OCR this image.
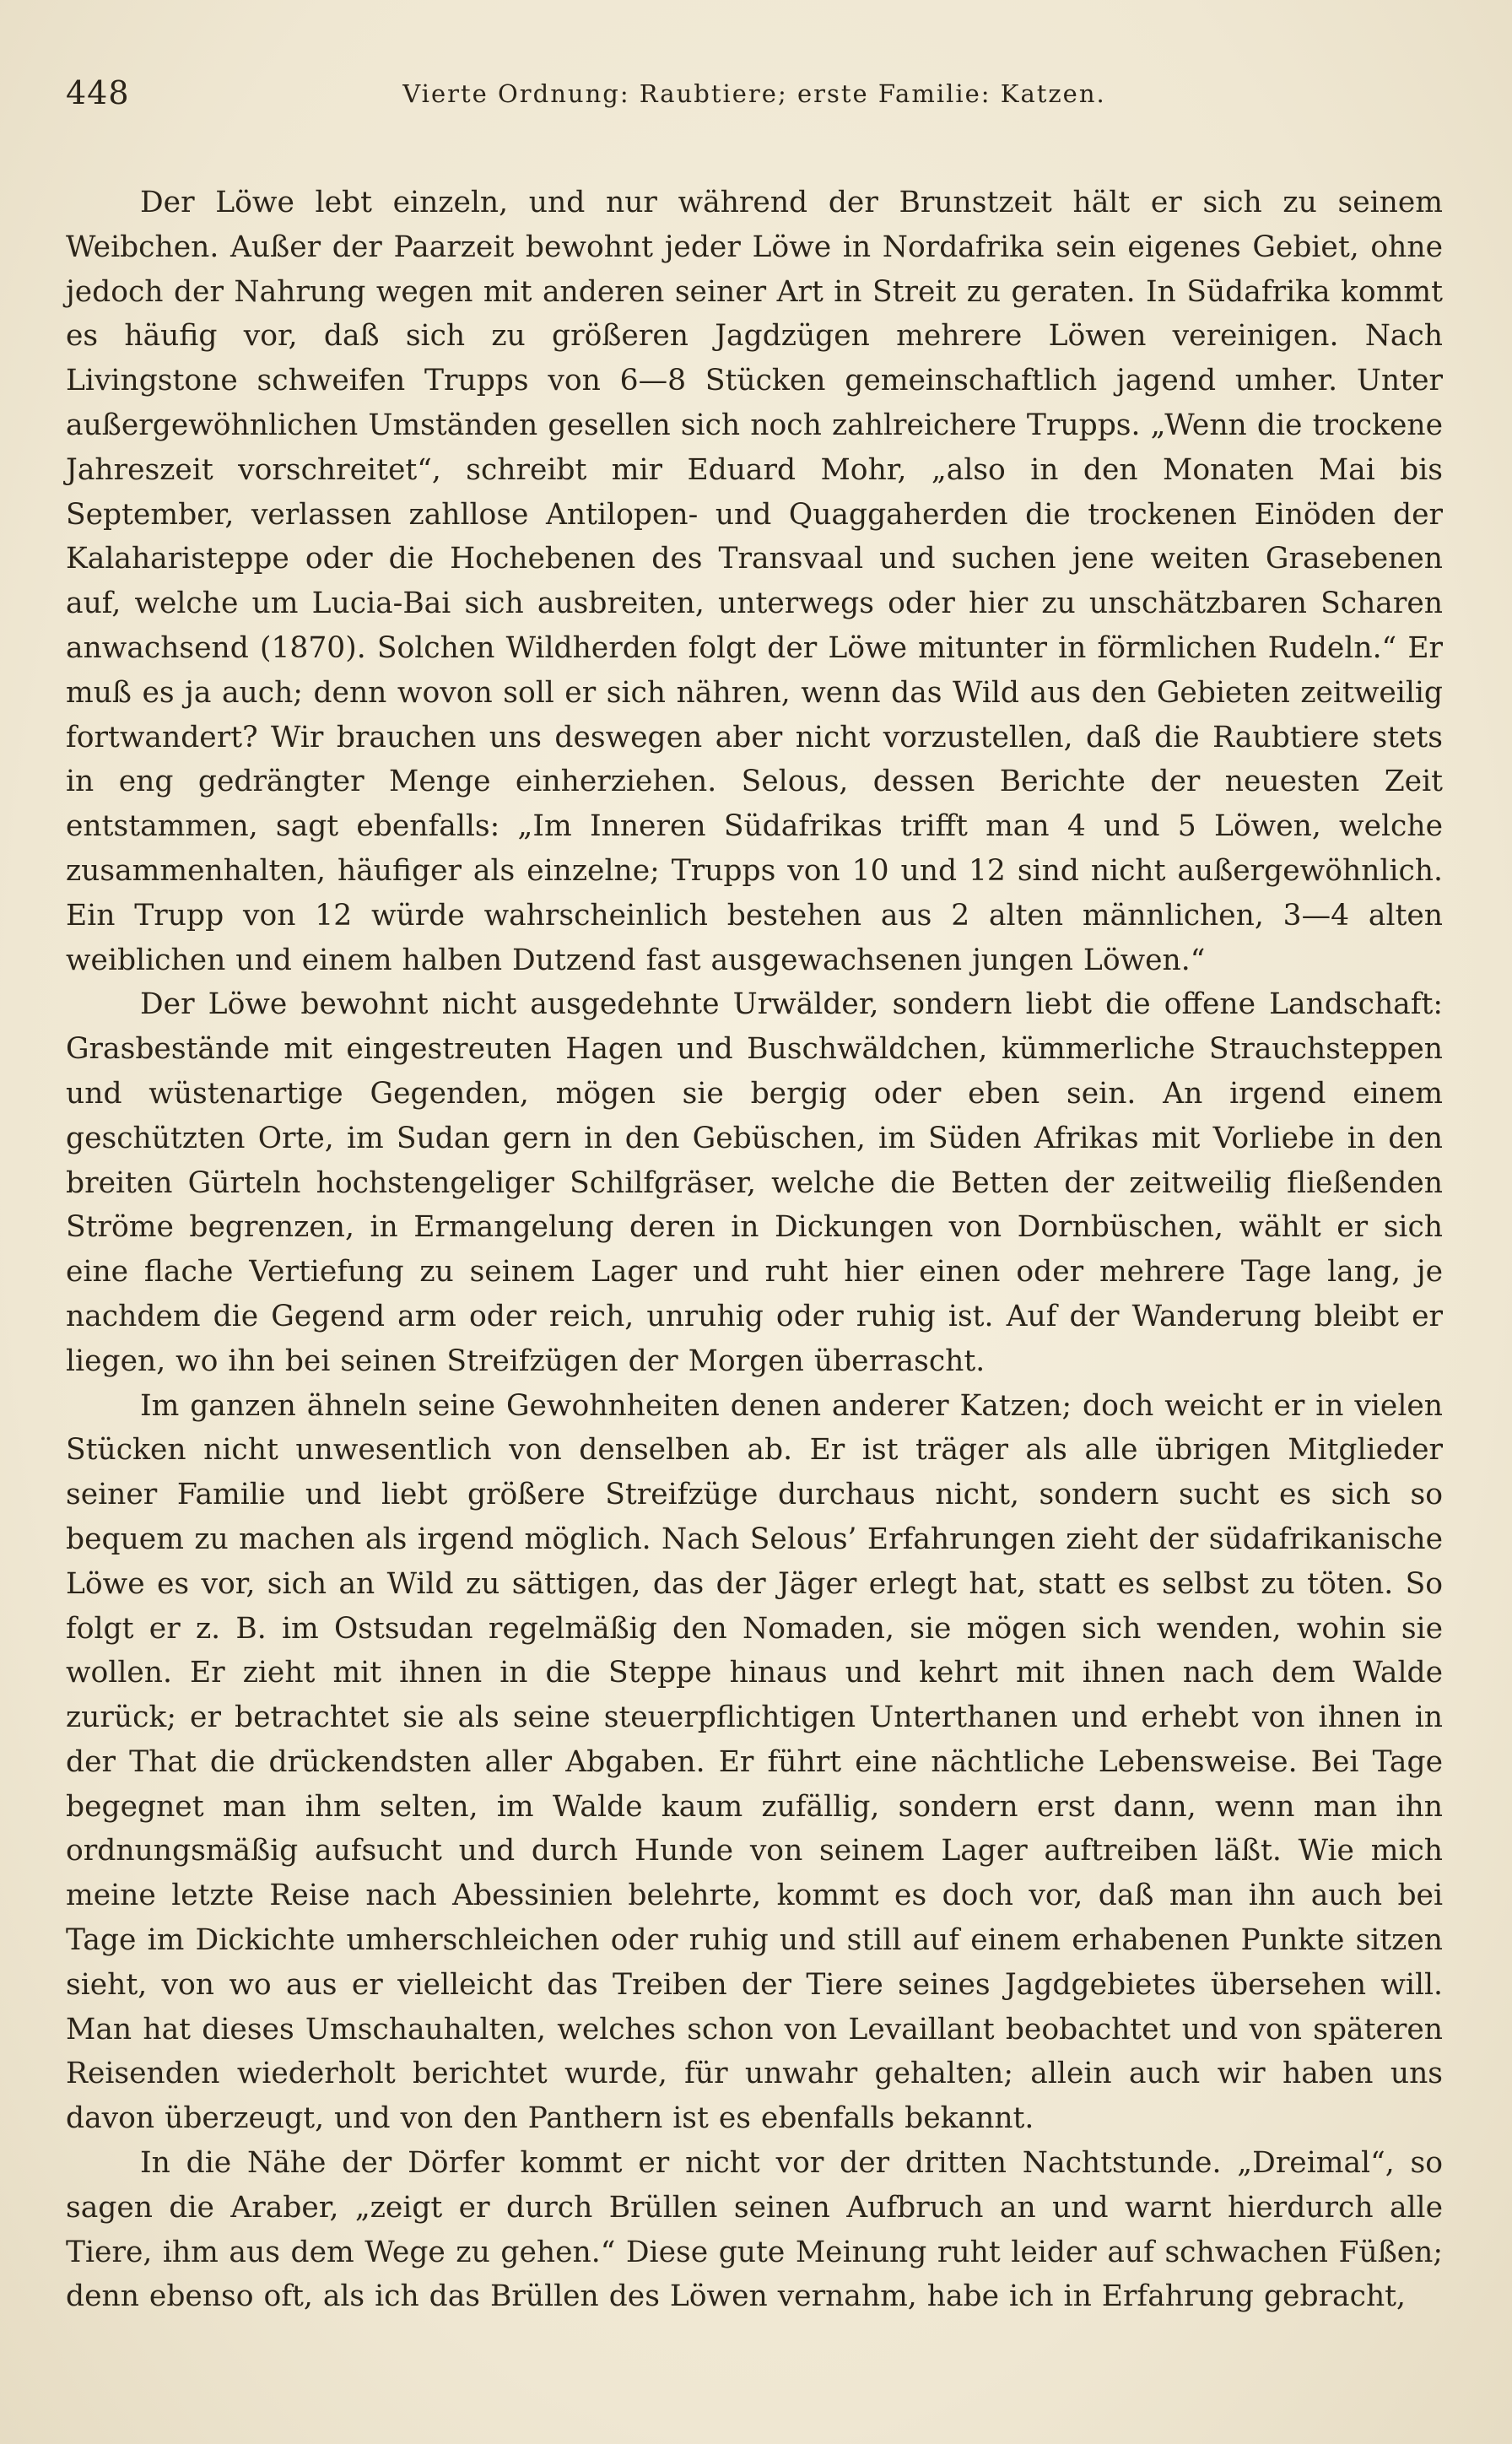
448	Vierte Ordnung: Raubtiere; erste Familie: Katzen.

Der Löwe lebt einzeln, und nur während der Brunstzeit hält er sich zu seinem Weibchen. Außer der Paarzeit bewohnt jeder Löwe in Nordafrika sein eigenes Gebiet, ohne jedoch der Nahrung wegen mit anderen seiner Art in Streit zu geraten. In Südafrika kommt es häufig vor, daß sich zu größeren Jagdzügen mehrere Löwen vereinigen. Nach Livingstone schweifen Trupps von 6—8 Stücken gemeinschaftlich jagend umher. Unter außergewöhnlichen Umständen gesellen sich noch zahlreichere Trupps. „Wenn die trockene Jahreszeit vorschreitet“, schreibt mir Eduard Mohr, „also in den Monaten Mai bis September, verlassen zahllose Antilopen- und Quaggaherden die trockenen Einöden der Kalaharisteppe oder die Hochebenen des Transvaal und suchen jene weiten Grasebenen auf, welche um Lucia-Bai sich ausbreiten, unterwegs oder hier zu unschätzbaren Scharen anwachsend (1870). Solchen Wildherden folgt der Löwe mitunter in förmlichen Rudeln.“ Er muß es ja auch; denn wovon soll er sich nähren, wenn das Wild aus den Gebieten zeitweilig fortwandert? Wir brauchen uns deswegen aber nicht vorzustellen, daß die Raubtiere stets in eng gedrängter Menge einherziehen. Selous, dessen Berichte der neuesten Zeit entstammen, sagt ebenfalls: „Im Inneren Südafrikas trifft man 4 und 5 Löwen, welche zusammenhalten, häufiger als einzelne; Trupps von 10 und 12 sind nicht außergewöhnlich. Ein Trupp von 12 würde wahrscheinlich bestehen aus 2 alten männlichen, 3—4 alten weiblichen und einem halben Dutzend fast ausgewachsenen jungen Löwen.“

Der Löwe bewohnt nicht ausgedehnte Urwälder, sondern liebt die offene Landschaft: Grasbestände mit eingestreuten Hagen und Buschwäldchen, kümmerliche Strauchsteppen und wüstenartige Gegenden, mögen sie bergig oder eben sein. An irgend einem geschützten Orte, im Sudan gern in den Gebüschen, im Süden Afrikas mit Vorliebe in den breiten Gürteln hochstengeliger Schilfgräser, welche die Betten der zeitweilig fließenden Ströme begrenzen, in Ermangelung deren in Dickungen von Dornbüschen, wählt er sich eine flache Vertiefung zu seinem Lager und ruht hier einen oder mehrere Tage lang, je nachdem die Gegend arm oder reich, unruhig oder ruhig ist. Auf der Wanderung bleibt er liegen, wo ihn bei seinen Streifzügen der Morgen überrascht.

Im ganzen ähneln seine Gewohnheiten denen anderer Katzen; doch weicht er in vielen Stücken nicht unwesentlich von denselben ab. Er ist träger als alle übrigen Mitglieder seiner Familie und liebt größere Streifzüge durchaus nicht, sondern sucht es sich so bequem zu machen als irgend möglich. Nach Selous’ Erfahrungen zieht der südafrikanische Löwe es vor, sich an Wild zu sättigen, das der Jäger erlegt hat, statt es selbst zu töten. So folgt er z. B. im Ostsudan regelmäßig den Nomaden, sie mögen sich wenden, wohin sie wollen. Er zieht mit ihnen in die Steppe hinaus und kehrt mit ihnen nach dem Walde zurück; er betrachtet sie als seine steuerpflichtigen Unterthanen und erhebt von ihnen in der That die drückendsten aller Abgaben. Er führt eine nächtliche Lebensweise. Bei Tage begegnet man ihm selten, im Walde kaum zufällig, sondern erst dann, wenn man ihn ordnungsmäßig aufsucht und durch Hunde von seinem Lager auftreiben läßt. Wie mich meine letzte Reise nach Abessinien belehrte, kommt es doch vor, daß man ihn auch bei Tage im Dickichte umherschleichen oder ruhig und still auf einem erhabenen Punkte sitzen sieht, von wo aus er vielleicht das Treiben der Tiere seines Jagdgebietes übersehen will. Man hat dieses Umschauhalten, welches schon von Levaillant beobachtet und von späteren Reisenden wiederholt berichtet wurde, für unwahr gehalten; allein auch wir haben uns davon überzeugt, und von den Panthern ist es ebenfalls bekannt.

In die Nähe der Dörfer kommt er nicht vor der dritten Nachtstunde. „Dreimal“, so sagen die Araber, „zeigt er durch Brüllen seinen Aufbruch an und warnt hierdurch alle Tiere, ihm aus dem Wege zu gehen.“ Diese gute Meinung ruht leider auf schwachen Füßen; denn ebenso oft, als ich das Brüllen des Löwen vernahm, habe ich in Erfahrung gebracht,
